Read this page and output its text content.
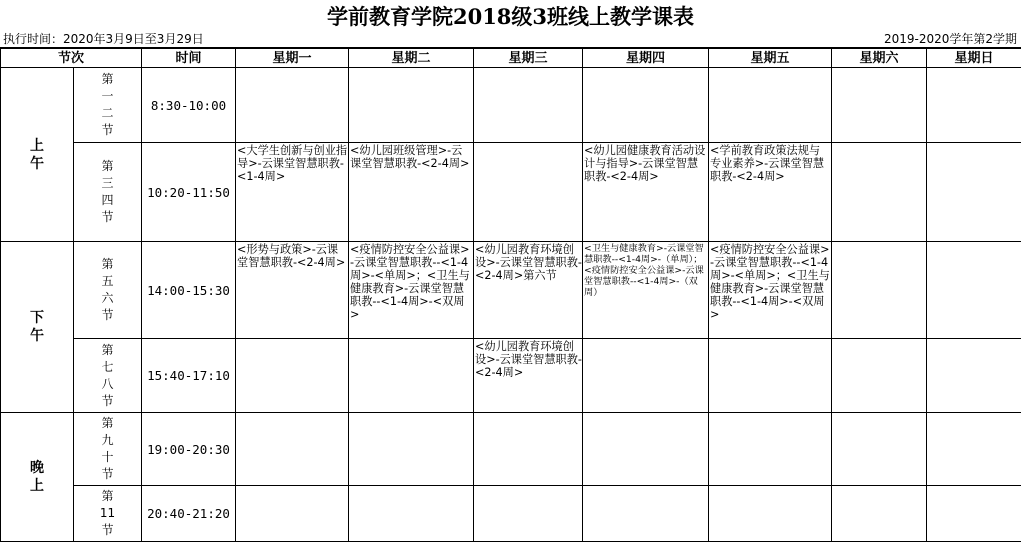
学前教育学院2018级3班线上教学课表
执行时间：2020年3月9日至3月29日	2019-2020学年第2学期
节次		时间	星期一	星期二	星期三	星期四	星期五	星期六	星期日
上
午	第
一
二
节	8:30-10:00							
	第
三
四
节	10:20-11:50	<大学生创新与创业指导>-云课堂智慧职教-<1-4周>	<幼儿园班级管理>-云课堂智慧职教-<2-4周>		<幼儿园健康教育活动设计与指导>-云课堂智慧职教-<2-4周>	<学前教育政策法规与专业素养>-云课堂智慧职教-<2-4周>		
下
午	第
五
六
节	14:00-15:30	<形势与政策>-云课堂智慧职教-<2-4周>	<疫情防控安全公益课>-云课堂智慧职教--<1-4周>-<单周>；<卫生与健康教育>-云课堂智慧职教--<1-4周>-<双周>	<幼儿园教育环境创设>-云课堂智慧职教-<2-4周>第六节	<卫生与健康教育>-云课堂智慧职教--<1-4周>-（单周）；<疫情防控安全公益课>-云课堂智慧职教--<1-4周>-（双周）	<疫情防控安全公益课>-云课堂智慧职教--<1-4周>-<单周>；<卫生与健康教育>-云课堂智慧职教--<1-4周>-<双周>		
	第
七
八
节	15:40-17:10			<幼儿园教育环境创设>-云课堂智慧职教-<2-4周>				
晚
上	第
九
十
节	19:00-20:30							
	第
11
节	20:40-21:20							
